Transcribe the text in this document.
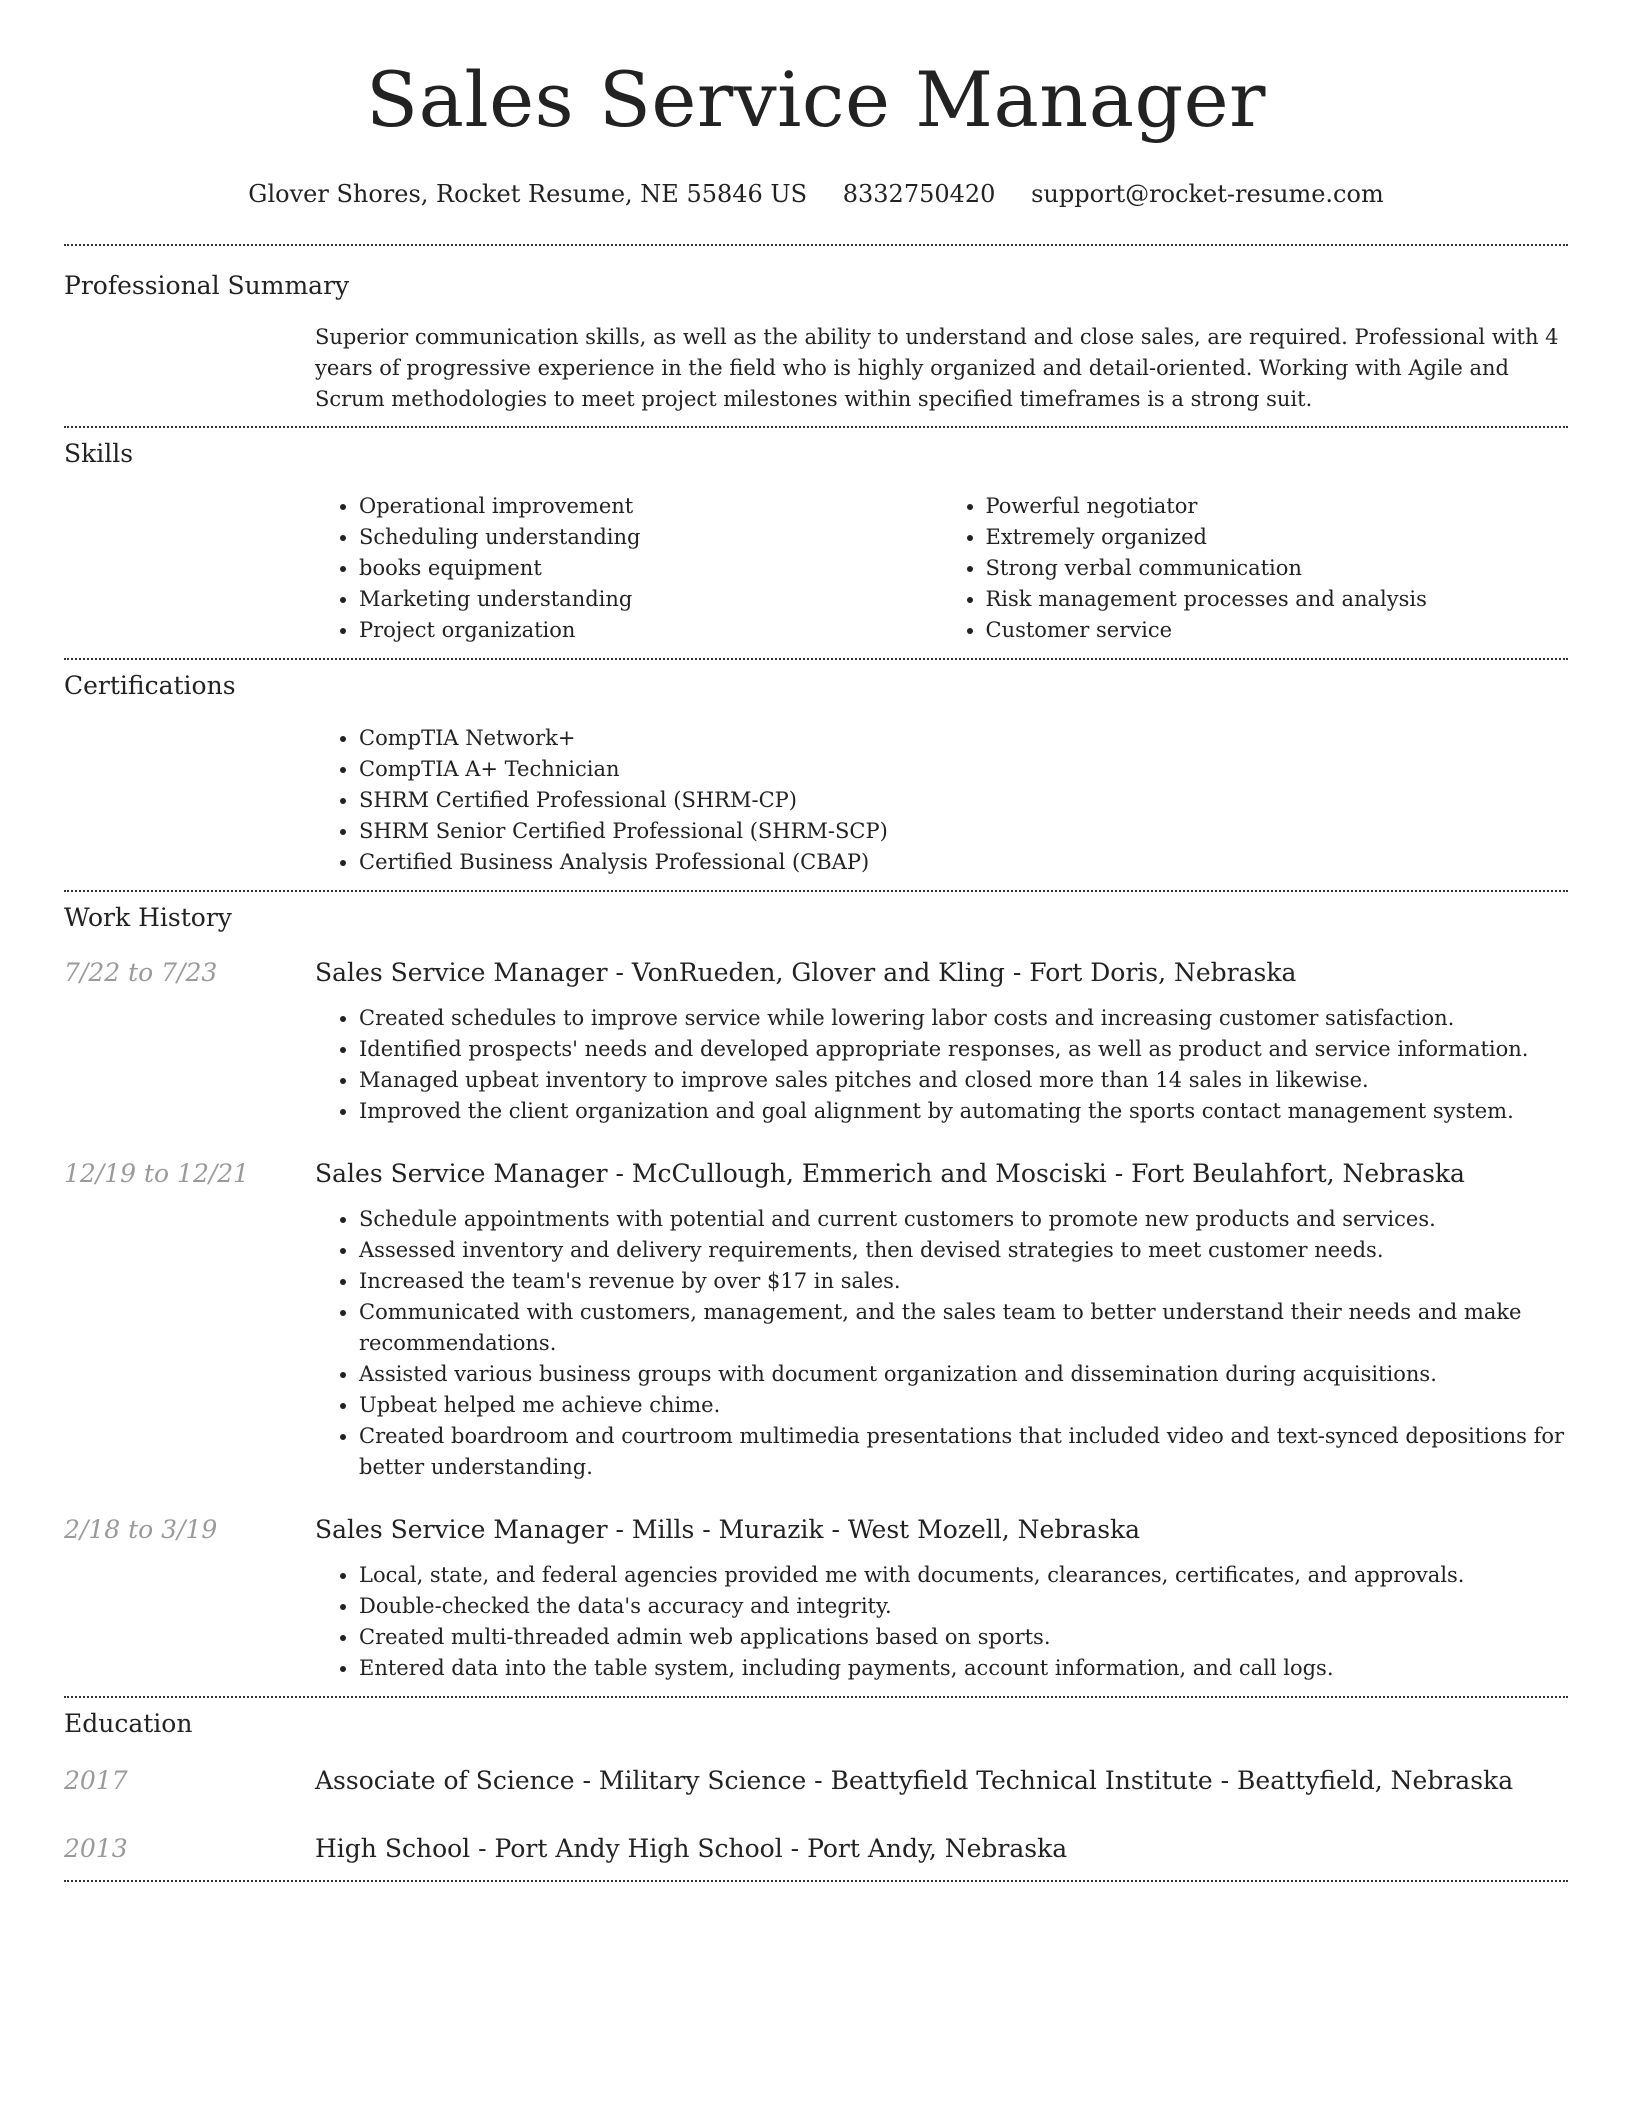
Sales Service Manager
Glover Shores, Rocket Resume, NE 55846 US 8332750420 support@rocket-resume.com
Professional Summary
Superior communication skills, as well as the ability to understand and close sales, are required. Professional with 4 years of progressive experience in the field who is highly organized and detail-oriented. Working with Agile and Scrum methodologies to meet project milestones within specified timeframes is a strong suit.
Skills
• Operational improvement
• Scheduling understanding
• books equipment
• Marketing understanding
• Project organization
• Powerful negotiator
• Extremely organized
• Strong verbal communication
• Risk management processes and analysis
• Customer service
Certifications
• CompTIA Network+
• CompTIA A+ Technician
• SHRM Certified Professional (SHRM-CP)
• SHRM Senior Certified Professional (SHRM-SCP)
• Certified Business Analysis Professional (CBAP)
Work History
7/22 to 7/23	Sales Service Manager - VonRueden, Glover and Kling - Fort Doris, Nebraska
• Created schedules to improve service while lowering labor costs and increasing customer satisfaction.
• Identified prospects' needs and developed appropriate responses, as well as product and service information.
• Managed upbeat inventory to improve sales pitches and closed more than 14 sales in likewise.
• Improved the client organization and goal alignment by automating the sports contact management system.
12/19 to 12/21	Sales Service Manager - McCullough, Emmerich and Mosciski - Fort Beulahfort, Nebraska
• Schedule appointments with potential and current customers to promote new products and services.
• Assessed inventory and delivery requirements, then devised strategies to meet customer needs.
• Increased the team's revenue by over $17 in sales.
• Communicated with customers, management, and the sales team to better understand their needs and make recommendations.
• Assisted various business groups with document organization and dissemination during acquisitions.
• Upbeat helped me achieve chime.
• Created boardroom and courtroom multimedia presentations that included video and text-synced depositions for better understanding.
2/18 to 3/19	Sales Service Manager - Mills - Murazik - West Mozell, Nebraska
• Local, state, and federal agencies provided me with documents, clearances, certificates, and approvals.
• Double-checked the data's accuracy and integrity.
• Created multi-threaded admin web applications based on sports.
• Entered data into the table system, including payments, account information, and call logs.
Education
2017	Associate of Science - Military Science - Beattyfield Technical Institute - Beattyfield, Nebraska
2013	High School - Port Andy High School - Port Andy, Nebraska
